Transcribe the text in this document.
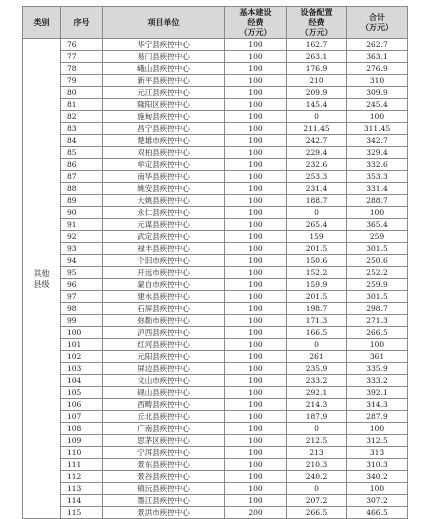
类别	序号	项目单位	基本建设
经费
（万元）	设备配置
经费
（万元）	合计
（万元）

其他
县级	76	华宁县疾控中心	100	162.7	262.7
	77	易门县疾控中心	100	263.1	363.1
	78	峨山县疾控中心	100	176.9	276.9
	79	新平县疾控中心	100	210	310
	80	元江县疾控中心	100	209.9	309.9
	81	隆阳区疾控中心	100	145.4	245.4
	82	施甸县疾控中心	100	0	100
	83	昌宁县疾控中心	100	211.45	311.45
	84	楚雄市疾控中心	100	242.7	342.7
	85	双柏县疾控中心	100	229.4	329.4
	86	牟定县疾控中心	100	232.6	332.6
	87	南华县疾控中心	100	253.3	353.3
	88	姚安县疾控中心	100	231.4	331.4
	89	大姚县疾控中心	100	188.7	288.7
	90	永仁县疾控中心	100	0	100
	91	元谋县疾控中心	100	265.4	365.4
	92	武定县疾控中心	100	159	259
	93	禄丰县疾控中心	100	201.5	301.5
	94	个旧市疾控中心	100	150.6	250.6
	95	开远市疾控中心	100	152.2	252.2
	96	蒙自市疾控中心	100	159.9	259.9
	97	建水县疾控中心	100	201.5	301.5
	98	石屏县疾控中心	100	198.7	298.7
	99	弥勒市疾控中心	100	171.3	271.3
	100	泸西县疾控中心	100	166.5	266.5
	101	红河县疾控中心	100	0	100
	102	元阳县疾控中心	100	261	361
	103	屏边县疾控中心	100	235.9	335.9
	104	文山市疾控中心	100	233.2	333.2
	105	砚山县疾控中心	100	292.1	392.1
	106	西畴县疾控中心	100	214.3	314.3
	107	丘北县疾控中心	100	187.9	287.9
	108	广南县疾控中心	100	0	100
	109	思茅区疾控中心	100	212.5	312.5
	110	宁洱县疾控中心	100	213	313
	111	景东县疾控中心	100	210.3	310.3
	112	景谷县疾控中心	100	240.2	340.2
	113	镇沅县疾控中心	100	0	100
	114	墨江县疾控中心	100	207.2	307.2
	115	景洪市疾控中心	200	266.5	466.5
